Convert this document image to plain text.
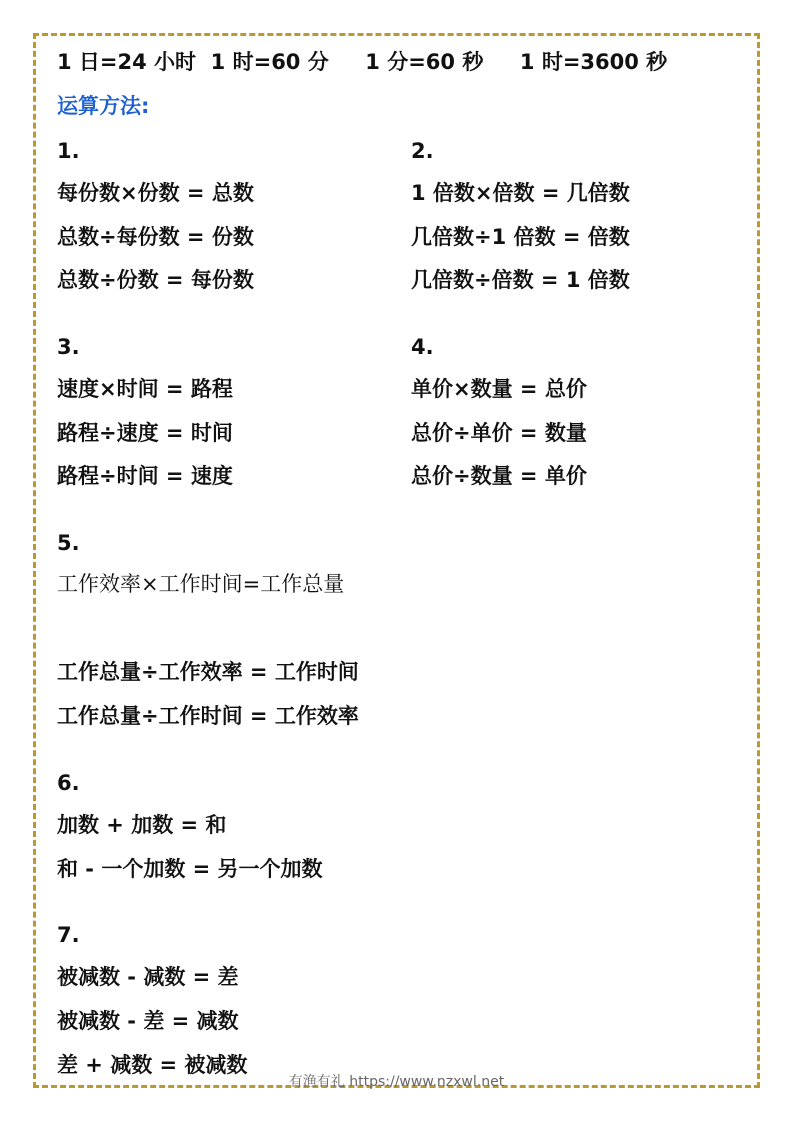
1 日=24 小时  1 时=60 分     1 分=60 秒     1 时=3600 秒
运算方法:
1.
每份数×份数 = 总数
总数÷每份数 = 份数
总数÷份数 = 每份数
2.
1 倍数×倍数 = 几倍数
几倍数÷1 倍数 = 倍数
几倍数÷倍数 = 1 倍数
3.
速度×时间 = 路程
路程÷速度 = 时间
路程÷时间 = 速度
4.
单价×数量 = 总价
总价÷单价 = 数量
总价÷数量 = 单价
5.
工作效率×工作时间=工作总量
工作总量÷工作效率 = 工作时间
工作总量÷工作时间 = 工作效率
6.
加数 + 加数 = 和
和 - 一个加数 = 另一个加数
7.
被减数 - 减数 = 差
被减数 - 差 = 减数
差 + 减数 = 被减数
有渔有礼 https://www.nzxwl.net
